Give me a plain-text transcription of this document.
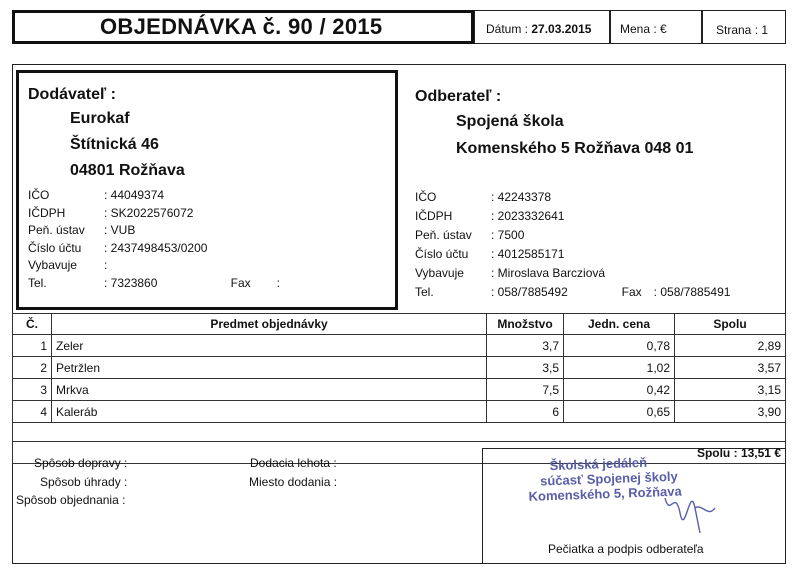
OBJEDNÁVKA č. 90 / 2015	Dátum : 27.03.2015 Mena : €	Strana : 1
Dodávateľ :
Eurokaf
Štítnická 46
04801 Rožňava
IČO	: 44049374
IČDPH	: SK2022576072
Peň. ústav : VUB
Číslo účtu : 2437498453/0200
Vybavuje :
Tel.	: 7323860	Fax :
Odberateľ :
Spojená škola
Komenského 5 Rožňava 048 01
IČO	: 42243378
IČDPH	: 2023332641
Peň. ústav : 7500
Číslo účtu : 4012585171
Vybavuje : Miroslava Barcziová
Tel.	: 058/7885492	Fax : 058/7885491
Č.	Predmet objednávky	Množstvo	Jedn. cena	Spolu
1	Zeler	3,7	0,78	2,89
2	Petržlen	3,5	1,02	3,57
3	Mrkva	7,5	0,42	3,15
4	Kaleráb	6	0,65	3,90

Spolu : 13,51 €				
Spôsob dopravy :
Spôsob úhrady :
Spôsob objednania :
Dodacia lehota :
Miesto dodania :
Školská jedáleň
súčasť Spojenej školy
Komenského 5, Rožňava
Pečiatka a podpis odberateľa
